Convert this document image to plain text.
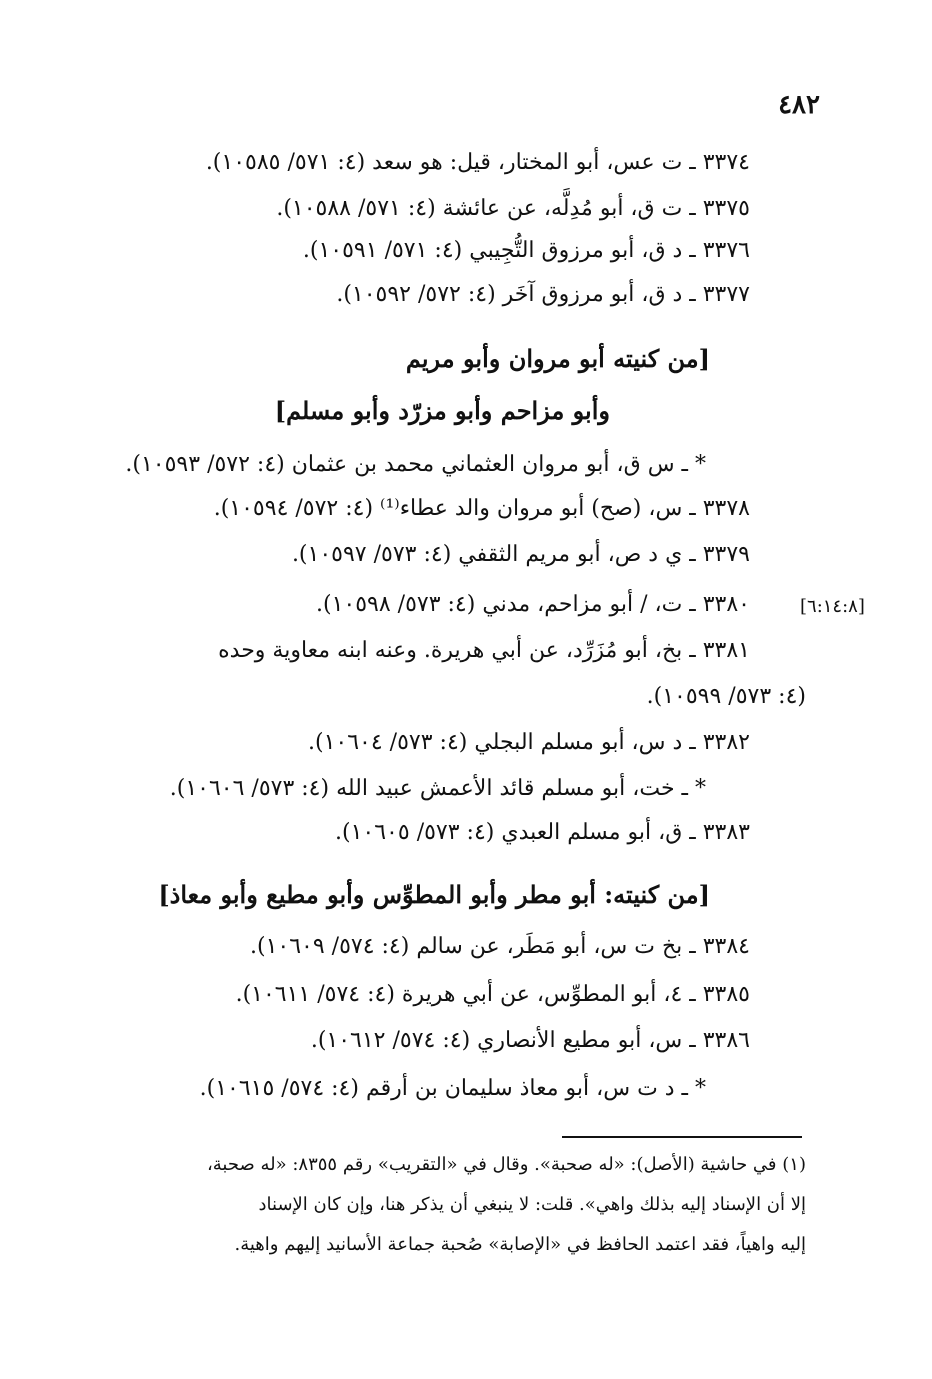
٤٨٢
٣٣٧٤ ـ ت عس، أبو المختار، قيل: هو سعد (٤: ٥٧١/ ١٠٥٨٥).
٣٣٧٥ ـ ت ق، أبو مُدِلَّه، عن عائشة (٤: ٥٧١/ ١٠٥٨٨).
٣٣٧٦ ـ د ق، أبو مرزوق التُّجِيبي (٤: ٥٧١/ ١٠٥٩١).
٣٣٧٧ ـ د ق، أبو مرزوق آخَر (٤: ٥٧٢/ ١٠٥٩٢).
[من كنيته أبو مروان وأبو مريم
وأبو مزاحم وأبو مزرّد وأبو مسلم]
* ـ س ق، أبو مروان العثماني محمد بن عثمان (٤: ٥٧٢/ ١٠٥٩٣).
٣٣٧٨ ـ س، (صح) أبو مروان والد عطاء⁽¹⁾ (٤: ٥٧٢/ ١٠٥٩٤).
٣٣٧٩ ـ ي د ص، أبو مريم الثقفي (٤: ٥٧٣/ ١٠٥٩٧).
[٦:١٤:٨]
٣٣٨٠ ـ ت، / أبو مزاحم، مدني (٤: ٥٧٣/ ١٠٥٩٨).
٣٣٨١ ـ بخ، أبو مُزَرِّد، عن أبي هريرة. وعنه ابنه معاوية وحده
(٤: ٥٧٣/ ١٠٥٩٩).
٣٣٨٢ ـ د س، أبو مسلم البجلي (٤: ٥٧٣/ ١٠٦٠٤).
* ـ خت، أبو مسلم قائد الأعمش عبيد الله (٤: ٥٧٣/ ١٠٦٠٦).
٣٣٨٣ ـ ق، أبو مسلم العبدي (٤: ٥٧٣/ ١٠٦٠٥).
[من كنيته: أبو مطر وأبو المطوِّس وأبو مطيع وأبو معاذ]
٣٣٨٤ ـ بخ ت س، أبو مَطَر، عن سالم (٤: ٥٧٤/ ١٠٦٠٩).
٣٣٨٥ ـ ٤، أبو المطوِّس، عن أبي هريرة (٤: ٥٧٤/ ١٠٦١١).
٣٣٨٦ ـ س، أبو مطيع الأنصاري (٤: ٥٧٤/ ١٠٦١٢).
* ـ د ت س، أبو معاذ سليمان بن أرقم (٤: ٥٧٤/ ١٠٦١٥).
(١) في حاشية (الأصل): «له صحبة». وقال في «التقريب» رقم ٨٣٥٥: «له صحبة،
إلا أن الإسناد إليه بذلك واهي». قلت: لا ينبغي أن يذكر هنا، وإن كان الإسناد
إليه واهياً، فقد اعتمد الحافظ في «الإصابة» صُحبة جماعة الأسانيد إليهم واهية.
